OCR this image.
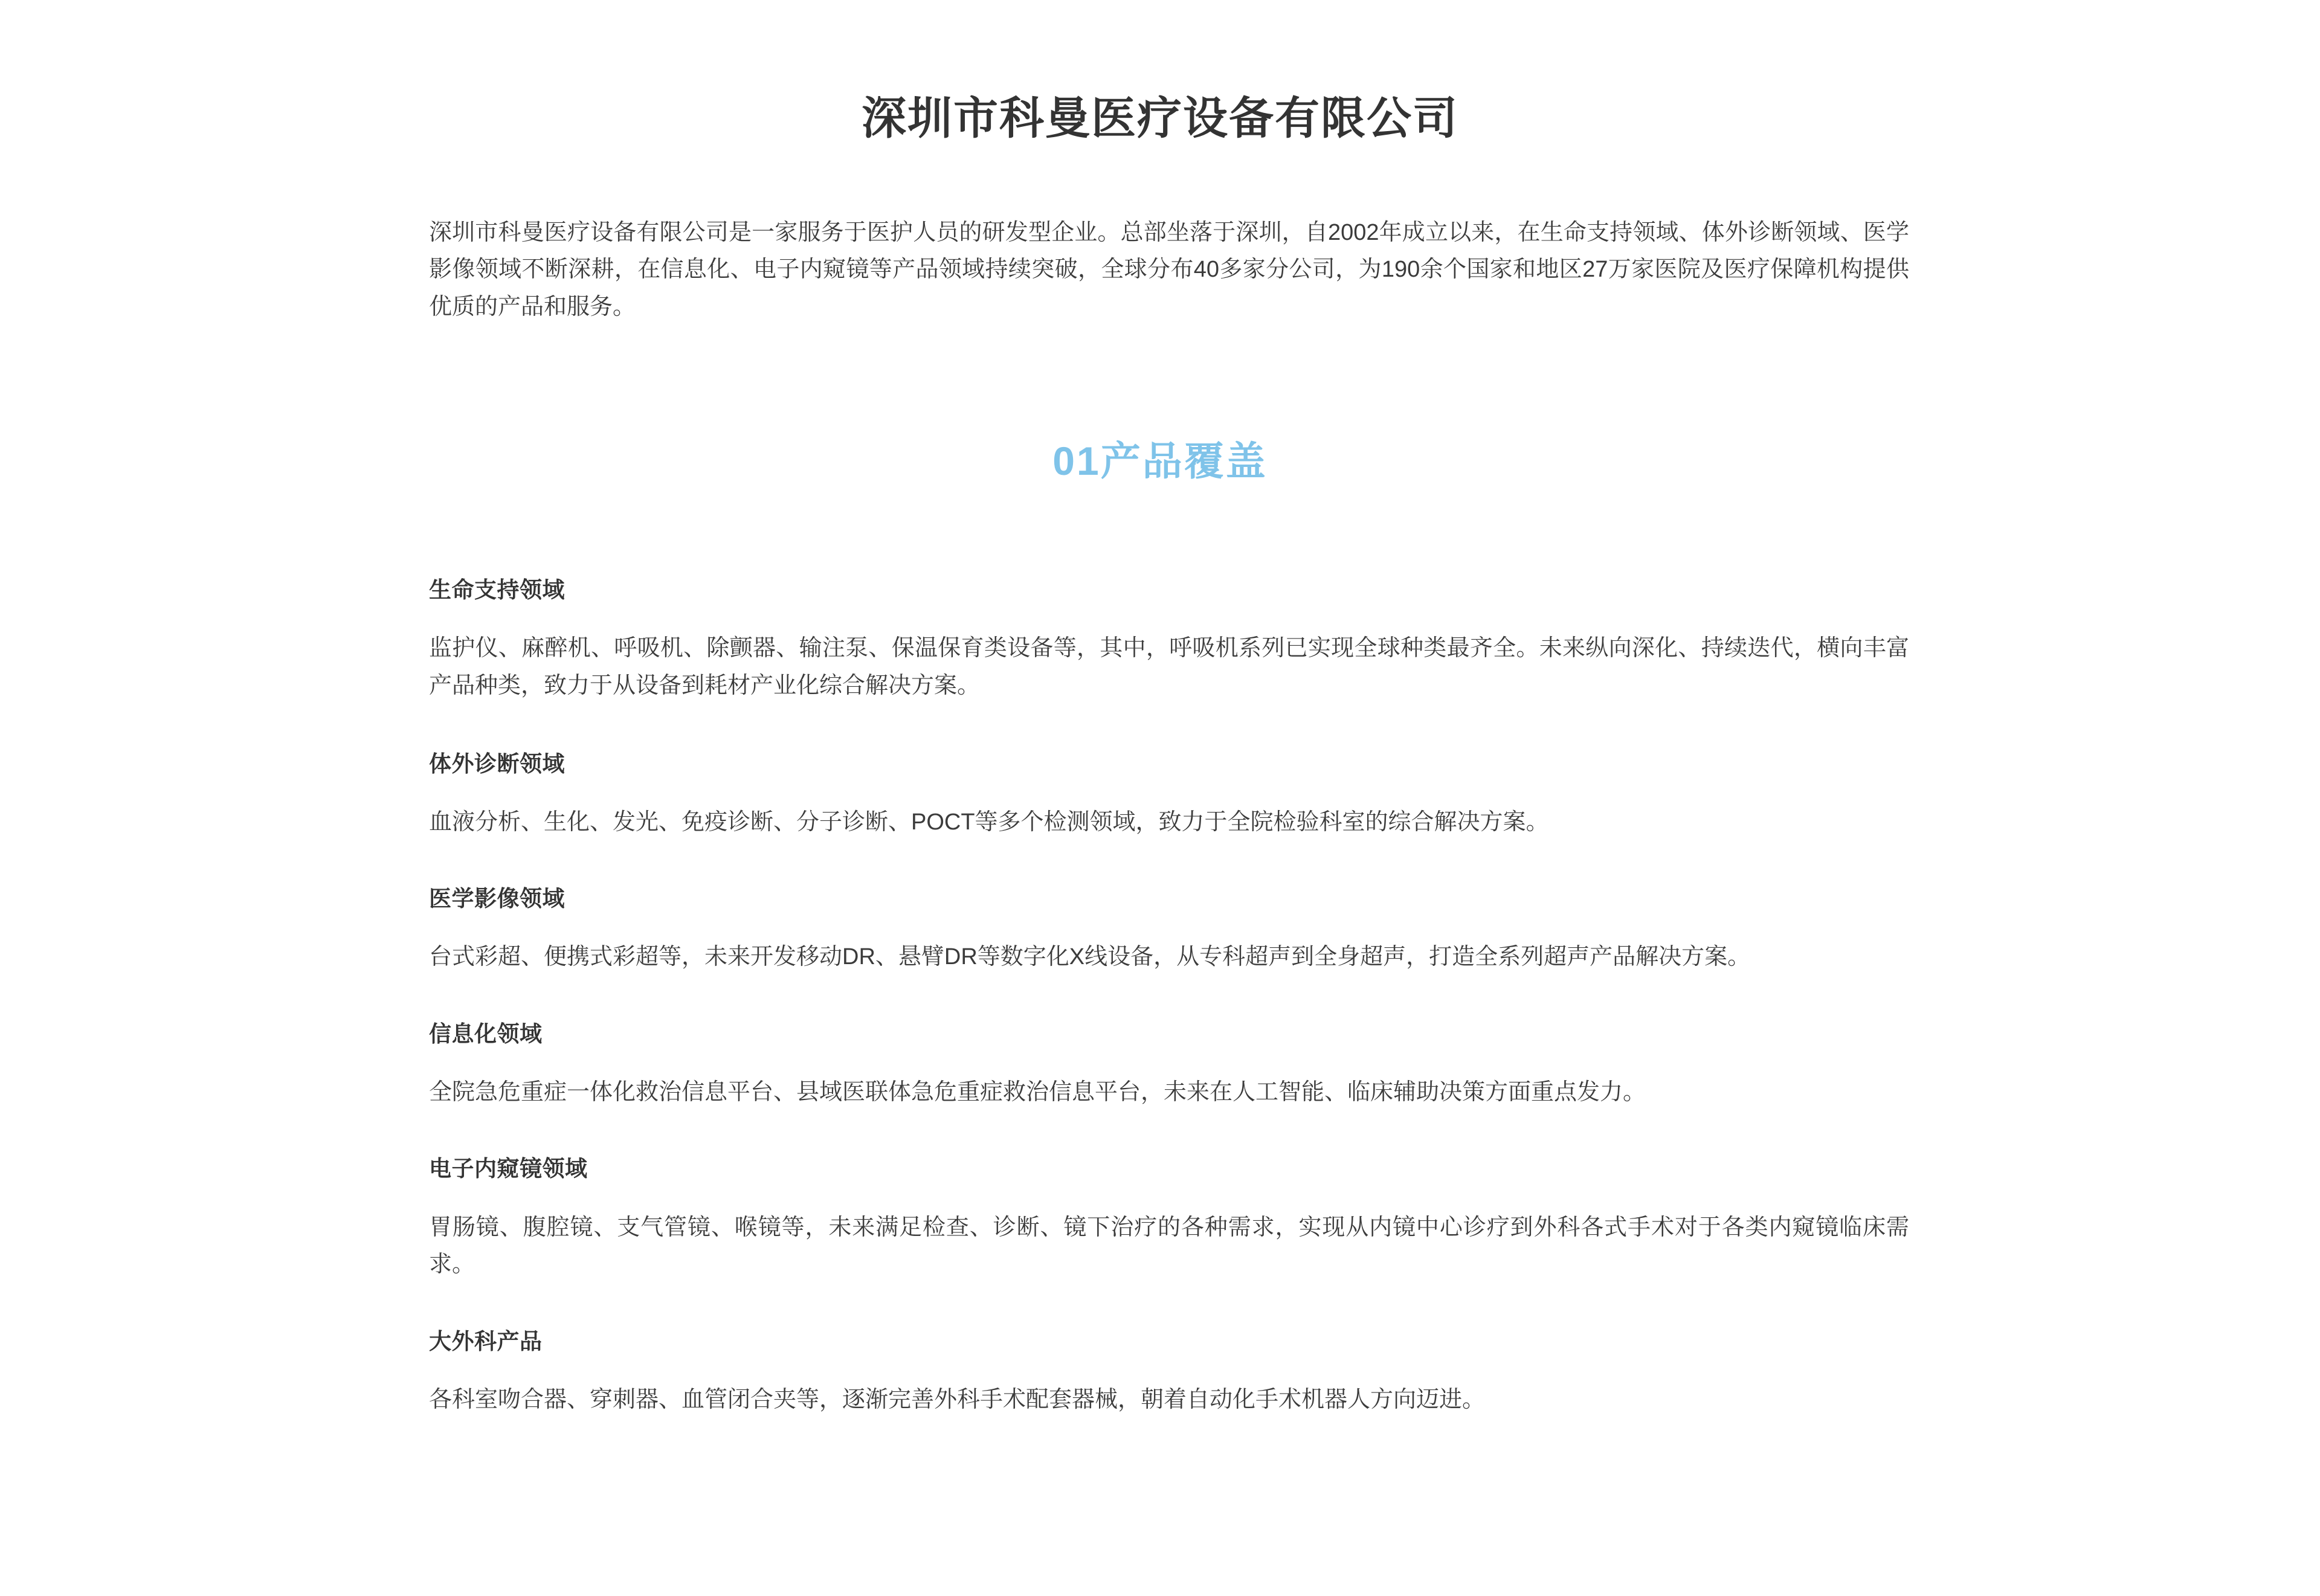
深圳市科曼医疗设备有限公司

深圳市科曼医疗设备有限公司是一家服务于医护人员的研发型企业。总部坐落于深圳，自2002年成立以来，在生命支持领域、体外诊断领域、医学影像领域不断深耕，在信息化、电子内窥镜等产品领域持续突破，全球分布40多家分公司，为190余个国家和地区27万家医院及医疗保障机构提供优质的产品和服务。

01产品覆盖
生命支持领域

监护仪、麻醉机、呼吸机、除颤器、输注泵、保温保育类设备等，其中，呼吸机系列已实现全球种类最齐全。未来纵向深化、持续迭代，横向丰富产品种类，致力于从设备到耗材产业化综合解决方案。

体外诊断领域

血液分析、生化、发光、免疫诊断、分子诊断、POCT等多个检测领域，致力于全院检验科室的综合解决方案。

医学影像领域

台式彩超、便携式彩超等，未来开发移动DR、悬臂DR等数字化X线设备，从专科超声到全身超声，打造全系列超声产品解决方案。

信息化领域

全院急危重症一体化救治信息平台、县域医联体急危重症救治信息平台，未来在人工智能、临床辅助决策方面重点发力。

电子内窥镜领域

胃肠镜、腹腔镜、支气管镜、喉镜等，未来满足检查、诊断、镜下治疗的各种需求，实现从内镜中心诊疗到外科各式手术对于各类内窥镜临床需求。

大外科产品

各科室吻合器、穿刺器、血管闭合夹等，逐渐完善外科手术配套器械，朝着自动化手术机器人方向迈进。
